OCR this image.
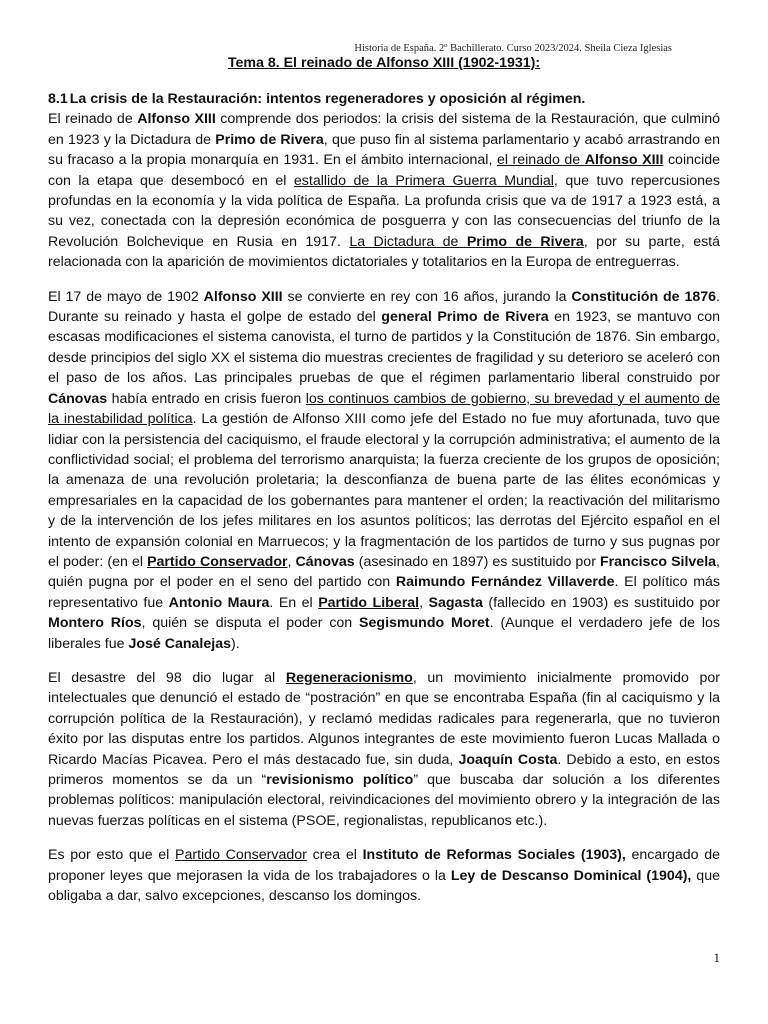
Historia de España. 2º Bachillerato. Curso 2023/2024. Sheila Cieza Iglesias
Tema 8. El reinado de Alfonso XIII (1902-1931):

8.1 La crisis de la Restauración: intentos regeneradores y oposición al régimen.

El reinado de Alfonso XIII comprende dos periodos: la crisis del sistema de la Restauración, que culminó en 1923 y la Dictadura de Primo de Rivera, que puso fin al sistema parlamentario y acabó arrastrando en su fracaso a la propia monarquía en 1931. En el ámbito internacional, el reinado de Alfonso XIII coincide con la etapa que desembocó en el estallido de la Primera Guerra Mundial, que tuvo repercusiones profundas en la economía y la vida política de España. La profunda crisis que va de 1917 a 1923 está, a su vez, conectada con la depresión económica de posguerra y con las consecuencias del triunfo de la Revolución Bolchevique en Rusia en 1917. La Dictadura de Primo de Rivera, por su parte, está relacionada con la aparición de movimientos dictatoriales y totalitarios en la Europa de entreguerras.

El 17 de mayo de 1902 Alfonso XIII se convierte en rey con 16 años, jurando la Constitución de 1876. Durante su reinado y hasta el golpe de estado del general Primo de Rivera en 1923, se mantuvo con escasas modificaciones el sistema canovista, el turno de partidos y la Constitución de 1876. Sin embargo, desde principios del siglo XX el sistema dio muestras crecientes de fragilidad y su deterioro se aceleró con el paso de los años. Las principales pruebas de que el régimen parlamentario liberal construido por Cánovas había entrado en crisis fueron los continuos cambios de gobierno, su brevedad y el aumento de la inestabilidad política. La gestión de Alfonso XIII como jefe del Estado no fue muy afortunada, tuvo que lidiar con la persistencia del caciquismo, el fraude electoral y la corrupción administrativa; el aumento de la conflictividad social; el problema del terrorismo anarquista; la fuerza creciente de los grupos de oposición; la amenaza de una revolución proletaria; la desconfianza de buena parte de las élites económicas y empresariales en la capacidad de los gobernantes para mantener el orden; la reactivación del militarismo y de la intervención de los jefes militares en los asuntos políticos; las derrotas del Ejército español en el intento de expansión colonial en Marruecos; y la fragmentación de los partidos de turno y sus pugnas por el poder: (en el Partido Conservador, Cánovas (asesinado en 1897) es sustituido por Francisco Silvela, quién pugna por el poder en el seno del partido con Raimundo Fernández Villaverde. El político más representativo fue Antonio Maura. En el Partido Liberal, Sagasta (fallecido en 1903) es sustituido por Montero Ríos, quién se disputa el poder con Segismundo Moret. (Aunque el verdadero jefe de los liberales fue José Canalejas).

El desastre del 98 dio lugar al Regeneracionismo, un movimiento inicialmente promovido por intelectuales que denunció el estado de “postración” en que se encontraba España (fin al caciquismo y la corrupción política de la Restauración), y reclamó medidas radicales para regenerarla, que no tuvieron éxito por las disputas entre los partidos. Algunos integrantes de este movimiento fueron Lucas Mallada o Ricardo Macías Picavea. Pero el más destacado fue, sin duda, Joaquín Costa. Debido a esto, en estos primeros momentos se da un “revisionismo político” que buscaba dar solución a los diferentes problemas políticos: manipulación electoral, reivindicaciones del movimiento obrero y la integración de las nuevas fuerzas políticas en el sistema (PSOE, regionalistas, republicanos etc.).

Es por esto que el Partido Conservador crea el Instituto de Reformas Sociales (1903), encargado de proponer leyes que mejorasen la vida de los trabajadores o la Ley de Descanso Dominical (1904), que obligaba a dar, salvo excepciones, descanso los domingos.

1
